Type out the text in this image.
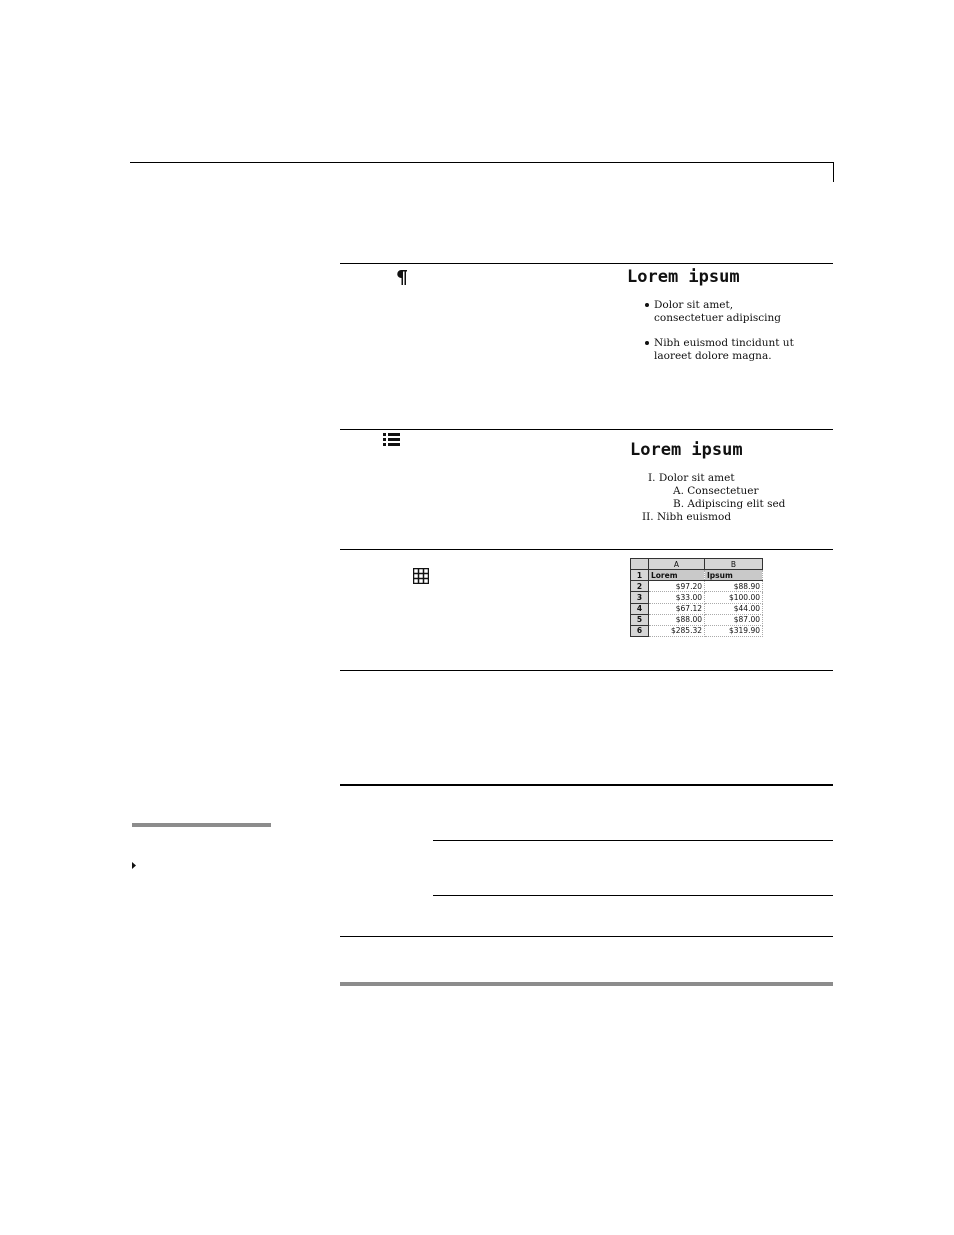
Lorem ipsum
Dolor sit amet,
consectetuer adipiscing
Nibh euismod tincidunt ut
laoreet dolore magna.
Lorem ipsum
I. Dolor sit amet
A. Consectetuer
B. Adipiscing elit sed
II. Nibh euismod
	A	B
1	Lorem	Ipsum
2	$97.20	$88.90
3	$33.00	$100.00
4	$67.12	$44.00
5	$88.00	$87.00
6	$285.32	$319.90
